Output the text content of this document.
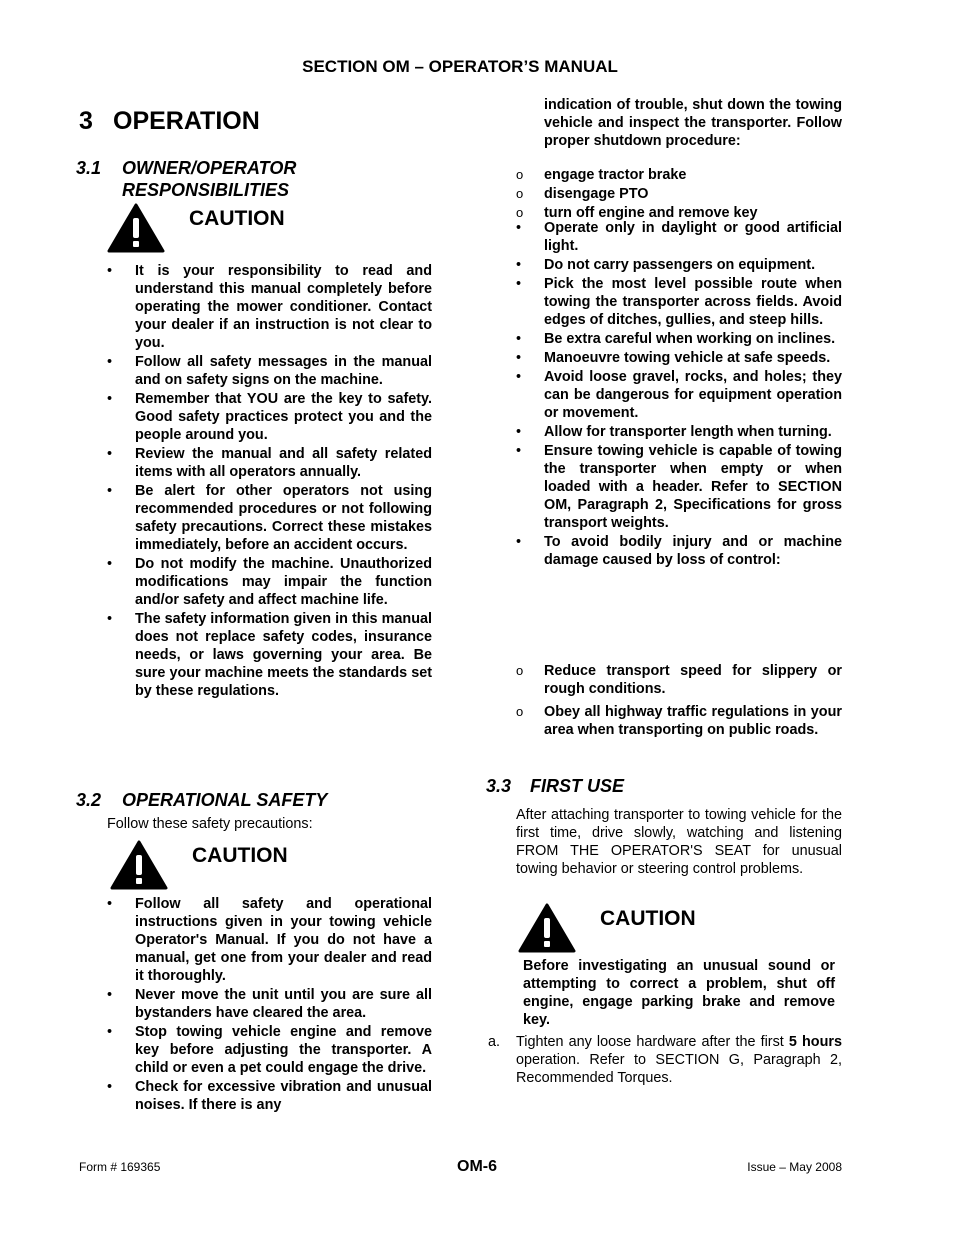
SECTION OM – OPERATOR’S MANUAL
3 OPERATION
3.1 OWNER/OPERATOR
RESPONSIBILITIES
CAUTION
• It is your responsibility to read and understand this manual completely before operating the mower conditioner. Contact your dealer if an instruction is not clear to you.
• Follow all safety messages in the manual and on safety signs on the machine.
• Remember that YOU are the key to safety. Good safety practices protect you and the people around you.
• Review the manual and all safety related items with all operators annually.
• Be alert for other operators not using recommended procedures or not following safety precautions. Correct these mistakes immediately, before an accident occurs.
• Do not modify the machine. Unauthorized modifications may impair the function and/or safety and affect machine life.
• The safety information given in this manual does not replace safety codes, insurance needs, or laws governing your area. Be sure your machine meets the standards set by these regulations.
3.2 OPERATIONAL SAFETY
Follow these safety precautions:
CAUTION
• Follow all safety and operational instructions given in your towing vehicle Operator's Manual. If you do not have a manual, get one from your dealer and read it thoroughly.
• Never move the unit until you are sure all bystanders have cleared the area.
• Stop towing vehicle engine and remove key before adjusting the transporter. A child or even a pet could engage the drive.
• Check for excessive vibration and unusual noises. If there is any
indication of trouble, shut down the towing vehicle and inspect the transporter. Follow proper shutdown procedure:
o engage tractor brake
o disengage PTO
o turn off engine and remove key
• Operate only in daylight or good artificial light.
• Do not carry passengers on equipment.
• Pick the most level possible route when towing the transporter across fields. Avoid edges of ditches, gullies, and steep hills.
• Be extra careful when working on inclines.
• Manoeuvre towing vehicle at safe speeds.
• Avoid loose gravel, rocks, and holes; they can be dangerous for equipment operation or movement.
• Allow for transporter length when turning.
• Ensure towing vehicle is capable of towing the transporter when empty or when loaded with a header. Refer to SECTION OM, Paragraph 2, Specifications for gross transport weights.
• To avoid bodily injury and or machine damage caused by loss of control:
o Reduce transport speed for slippery or rough conditions.
o Obey all highway traffic regulations in your area when transporting on public roads.
3.3 FIRST USE
After attaching transporter to towing vehicle for the first time, drive slowly, watching and listening FROM THE OPERATOR'S SEAT for unusual towing behavior or steering control problems.
CAUTION
Before investigating an unusual sound or attempting to correct a problem, shut off engine, engage parking brake and remove key.
a. Tighten any loose hardware after the first 5 hours operation. Refer to SECTION G, Paragraph 2, Recommended Torques.
Form # 169365	OM-6	Issue – May 2008
